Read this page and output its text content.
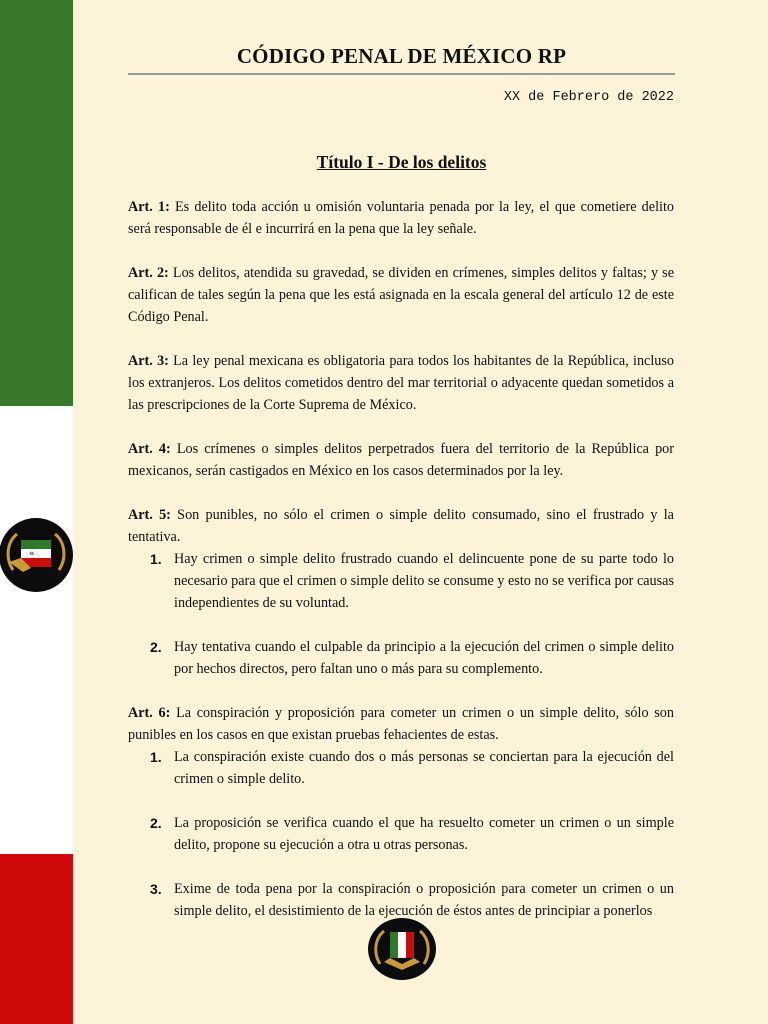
«
CÓDIGO PENAL DE MÉXICO RP
XX de Febrero de 2022
Título I - De los delitos

Art. 1: Es delito toda acción u omisión voluntaria penada por la ley, el que cometiere delito será responsable de él e incurrirá en la pena que la ley señale.

Art. 2: Los delitos, atendida su gravedad, se dividen en crímenes, simples delitos y faltas; y se califican de tales según la pena que les está asignada en la escala general del artículo 12 de este Código Penal.

Art. 3: La ley penal mexicana es obligatoria para todos los habitantes de la República, incluso los extranjeros. Los delitos cometidos dentro del mar territorial o adyacente quedan sometidos a las prescripciones de la Corte Suprema de México.

Art. 4: Los crímenes o simples delitos perpetrados fuera del territorio de la República por mexicanos, serán castigados en México en los casos determinados por la ley.

Art. 5: Son punibles, no sólo el crimen o simple delito consumado, sino el frustrado y la tentativa.

1. Hay crimen o simple delito frustrado cuando el delincuente pone de su parte todo lo necesario para que el crimen o simple delito se consume y esto no se verifica por causas independientes de su voluntad.
2. Hay tentativa cuando el culpable da principio a la ejecución del crimen o simple delito por hechos directos, pero faltan uno o más para su complemento.

Art. 6: La conspiración y proposición para cometer un crimen o un simple delito, sólo son punibles en los casos en que existan pruebas fehacientes de estas.

1. La conspiración existe cuando dos o más personas se conciertan para la ejecución del crimen o simple delito.
2. La proposición se verifica cuando el que ha resuelto cometer un crimen o un simple delito, propone su ejecución a otra u otras personas.
3. Exime de toda pena por la conspiración o proposición para cometer un crimen o un simple delito, el desistimiento de la ejecución de éstos antes de principiar a ponerlos
